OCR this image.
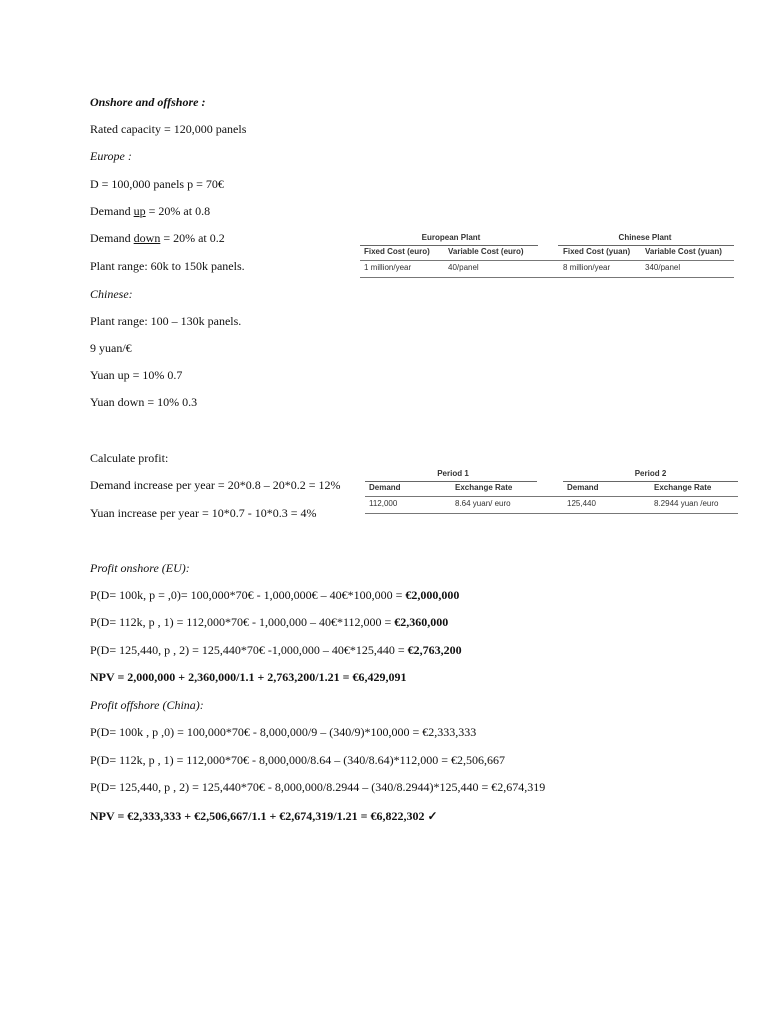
Onshore and offshore :
Rated capacity = 120,000 panels
Europe :
D = 100,000 panels p = 70€
Demand up = 20% at 0.8
Demand down = 20% at 0.2
Plant range: 60k to 150k panels.
Chinese:
Plant range: 100 – 130k panels.
9 yuan/€
Yuan up = 10% 0.7
Yuan down = 10% 0.3
Calculate profit:
Demand increase per year = 20*0.8 – 20*0.2 = 12%
Yuan increase per year = 10*0.7 - 10*0.3 = 4%
Profit onshore (EU):
P(D= 100k, p = ,0)= 100,000*70€ - 1,000,000€ – 40€*100,000 = €2,000,000
P(D= 112k, p , 1) = 112,000*70€ - 1,000,000 – 40€*112,000 = €2,360,000
P(D= 125,440, p , 2) = 125,440*70€ -1,000,000 – 40€*125,440 = €2,763,200
NPV = 2,000,000 + 2,360,000/1.1 + 2,763,200/1.21 = €6,429,091
Profit offshore (China):
P(D= 100k , p ,0) = 100,000*70€ - 8,000,000/9 – (340/9)*100,000 = €2,333,333
P(D= 112k, p , 1) = 112,000*70€ - 8,000,000/8.64 – (340/8.64)*112,000 = €2,506,667
P(D= 125,440, p , 2) = 125,440*70€ - 8,000,000/8.2944 – (340/8.2944)*125,440 = €2,674,319
NPV = €2,333,333 + €2,506,667/1.1 + €2,674,319/1.21 = €6,822,302 ✓
European Plant	Chinese Plant
Fixed Cost (euro) Variable Cost (euro)	Fixed Cost (yuan) Variable Cost (yuan)
1 million/year	40/panel	8 million/year	340/panel
Period 1	Period 2
Demand	Exchange Rate	Demand	Exchange Rate
112,000	8.64 yuan/ euro	125,440	8.2944 yuan /euro
